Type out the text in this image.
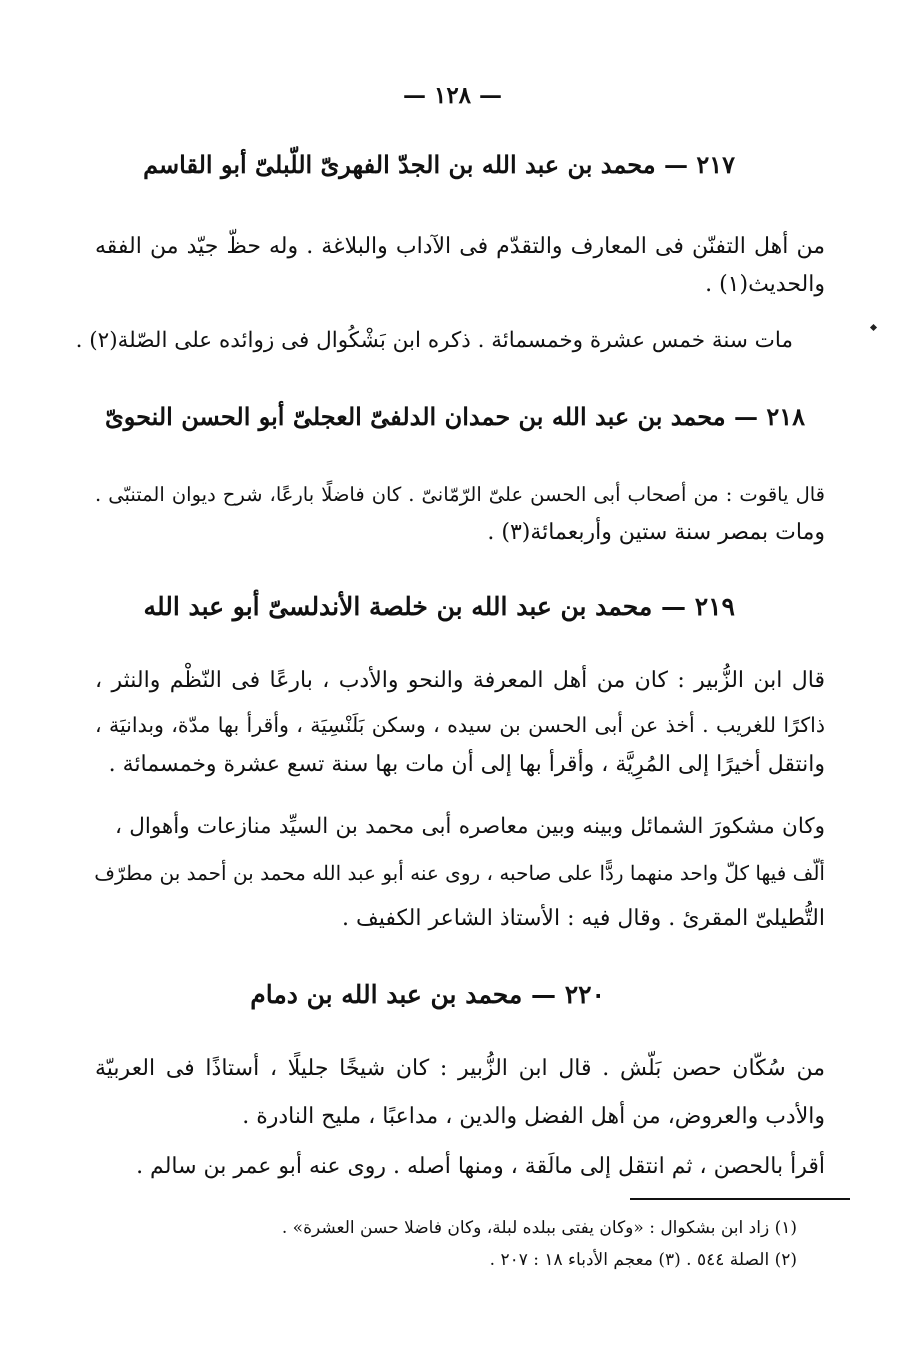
— ١٢٨ —
٢١٧ — محمد بن عبد الله بن الجدّ الفهرىّ اللّبلىّ أبو القاسم
من أهل التفنّن فى المعارف والتقدّم فى الآداب والبلاغة . وله حظّ جيّد من الفقه
والحديث(١) .
مات سنة خمس عشرة وخمسمائة . ذكره ابن بَشْكُوال فى زوائده على الصّلة(٢) .
٢١٨ — محمد بن عبد الله بن حمدان الدلفىّ العجلىّ أبو الحسن النحوىّ
قال ياقوت : من أصحاب أبى الحسن علىّ الرّمّانىّ . كان فاضلًا بارعًا، شرح ديوان المتنبّى .
ومات بمصر سنة ستين وأربعمائة(٣) .
٢١٩ — محمد بن عبد الله بن خلصة الأندلسىّ أبو عبد الله
قال ابن الزُّبير : كان من أهل المعرفة والنحو والأدب ، بارعًا فى النّظْم والنثر ،
ذاكرًا للغريب . أخذ عن أبى الحسن بن سيده ، وسكن بَلَنْسِيَة ، وأقرأ بها مدّة، وبدانيَة ،
وانتقل أخيرًا إلى المُرِيَّة ، وأقرأ بها إلى أن مات بها سنة تسع عشرة وخمسمائة .
وكان مشكورَ الشمائل وبينه وبين معاصره أبى محمد بن السيِّد منازعات وأهوال ،
ألّف فيها كلّ واحد منهما ردًّا على صاحبه ، روى عنه أبو عبد الله محمد بن أحمد بن مطرّف
التُّطيلىّ المقرئ . وقال فيه : الأستاذ الشاعر الكفيف .
٢٢٠ — محمد بن عبد الله بن دمام
من سُكّان حصن بَلّش . قال ابن الزُّبير : كان شيخًا جليلًا ، أستاذًا فى العربيّة
والأدب والعروض، من أهل الفضل والدين ، مداعبًا ، مليح النادرة .
أقرأ بالحصن ، ثم انتقل إلى مالَقة ، ومنها أصله . روى عنه أبو عمر بن سالم .
(١) زاد ابن بشكوال : «وكان يفتى ببلده لبلة، وكان فاضلا حسن العشرة» .
(٢) الصلة ٥٤٤ . (٣) معجم الأدباء ١٨ : ٢٠٧ .
